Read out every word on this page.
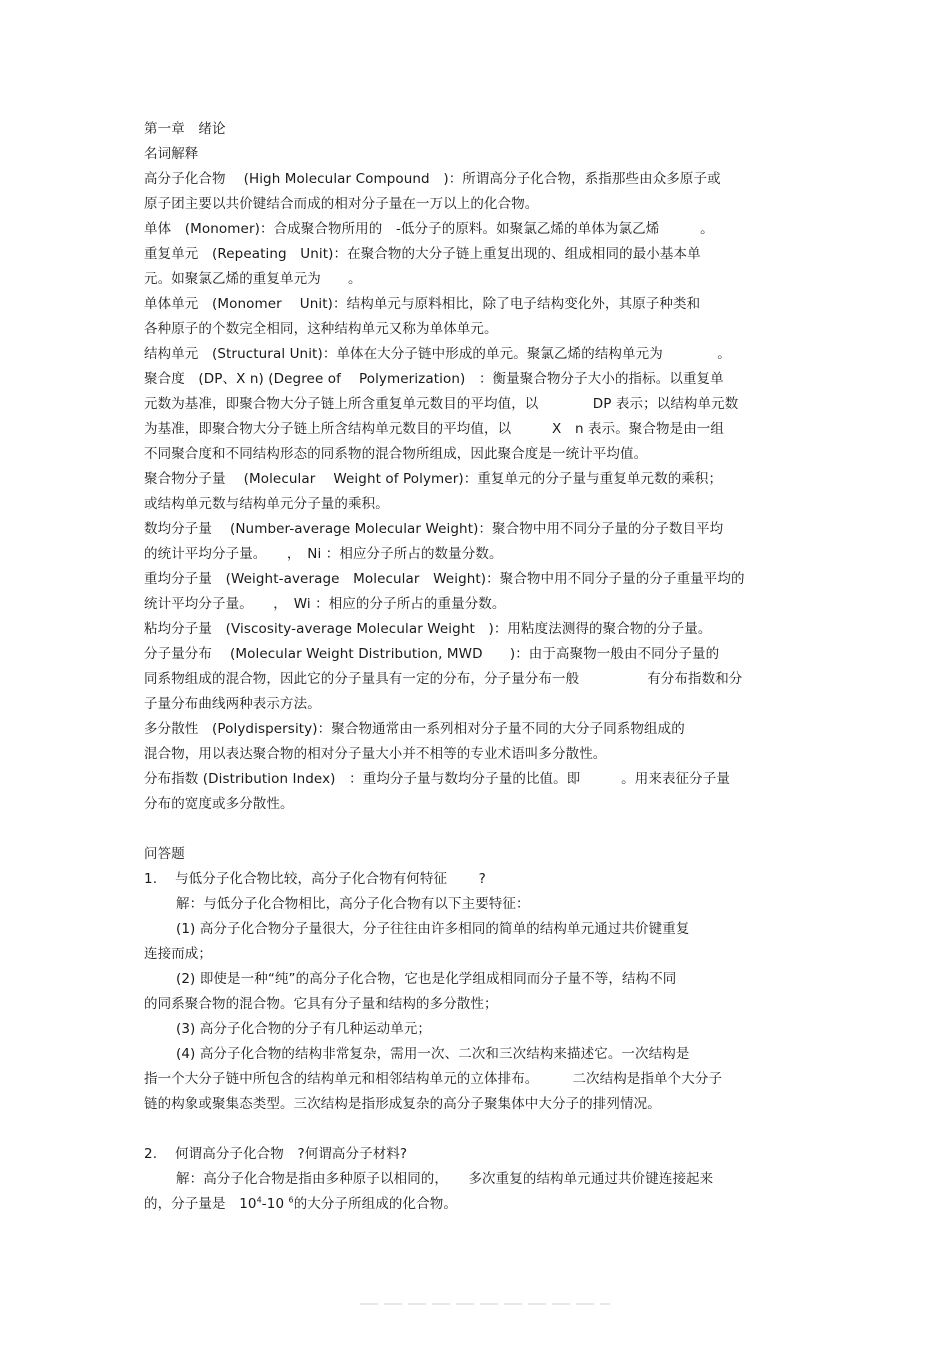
第一章　绪论
名词解释
高分子化合物　 (High Molecular Compound　)：所谓高分子化合物，系指那些由众多原子或
原子团主要以共价键结合而成的相对分子量在一万以上的化合物。
单体　(Monomer)：合成聚合物所用的　-低分子的原料。如聚氯乙烯的单体为氯乙烯　　　。
重复单元　(Repeating　Unit)：在聚合物的大分子链上重复出现的、组成相同的最小基本单
元。如聚氯乙烯的重复单元为　　。
单体单元　(Monomer　 Unit)：结构单元与原料相比，除了电子结构变化外，其原子种类和
各种原子的个数完全相同，这种结构单元又称为单体单元。
结构单元　(Structural Unit)：单体在大分子链中形成的单元。聚氯乙烯的结构单元为　　　　。
聚合度　(DP、X n) (Degree of　 Polymerization)　：衡量聚合物分子大小的指标。以重复单
元数为基准，即聚合物大分子链上所含重复单元数目的平均值，以　　　　DP 表示；以结构单元数
为基准，即聚合物大分子链上所含结构单元数目的平均值，以　　　X　n 表示。聚合物是由一组
不同聚合度和不同结构形态的同系物的混合物所组成，因此聚合度是一统计平均值。
聚合物分子量　 (Molecular　 Weight of Polymer)：重复单元的分子量与重复单元数的乘积；
或结构单元数与结构单元分子量的乘积。
数均分子量　 (Number-average Molecular Weight)：聚合物中用不同分子量的分子数目平均
的统计平均分子量。　　，　Ni ：相应分子所占的数量分数。
重均分子量　(Weight-average　Molecular　Weight)：聚合物中用不同分子量的分子重量平均的
统计平均分子量。　　，　Wi ：相应的分子所占的重量分数。
粘均分子量　(Viscosity-average Molecular Weight　)：用粘度法测得的聚合物的分子量。
分子量分布　 (Molecular Weight Distribution, MWD　　)：由于高聚物一般由不同分子量的
同系物组成的混合物，因此它的分子量具有一定的分布，分子量分布一般　　　　　有分布指数和分
子量分布曲线两种表示方法。
多分散性　(Polydispersity)：聚合物通常由一系列相对分子量不同的大分子同系物组成的
混合物，用以表达聚合物的相对分子量大小并不相等的专业术语叫多分散性。
分布指数 (Distribution Index)　：重均分子量与数均分子量的比值。即　　　。用来表征分子量
分布的宽度或多分散性。
问答题
1.　 与低分子化合物比较，高分子化合物有何特征　　 ?
解：与低分子化合物相比，高分子化合物有以下主要特征：
(1) 高分子化合物分子量很大，分子往往由许多相同的简单的结构单元通过共价键重复
连接而成；
(2) 即使是一种“纯”的高分子化合物，它也是化学组成相同而分子量不等，结构不同
的同系聚合物的混合物。它具有分子量和结构的多分散性；
(3) 高分子化合物的分子有几种运动单元；
(4) 高分子化合物的结构非常复杂，需用一次、二次和三次结构来描述它。一次结构是
指一个大分子链中所包含的结构单元和相邻结构单元的立体排布。　　　二次结构是指单个大分子
链的构象或聚集态类型。三次结构是指形成复杂的高分子聚集体中大分子的排列情况。
2.　 何谓高分子化合物　?何谓高分子材料?
解：高分子化合物是指由多种原子以相同的，　　多次重复的结构单元通过共价键连接起来
的，分子量是　$10^4-10$ $^6$的大分子所组成的化合物。
